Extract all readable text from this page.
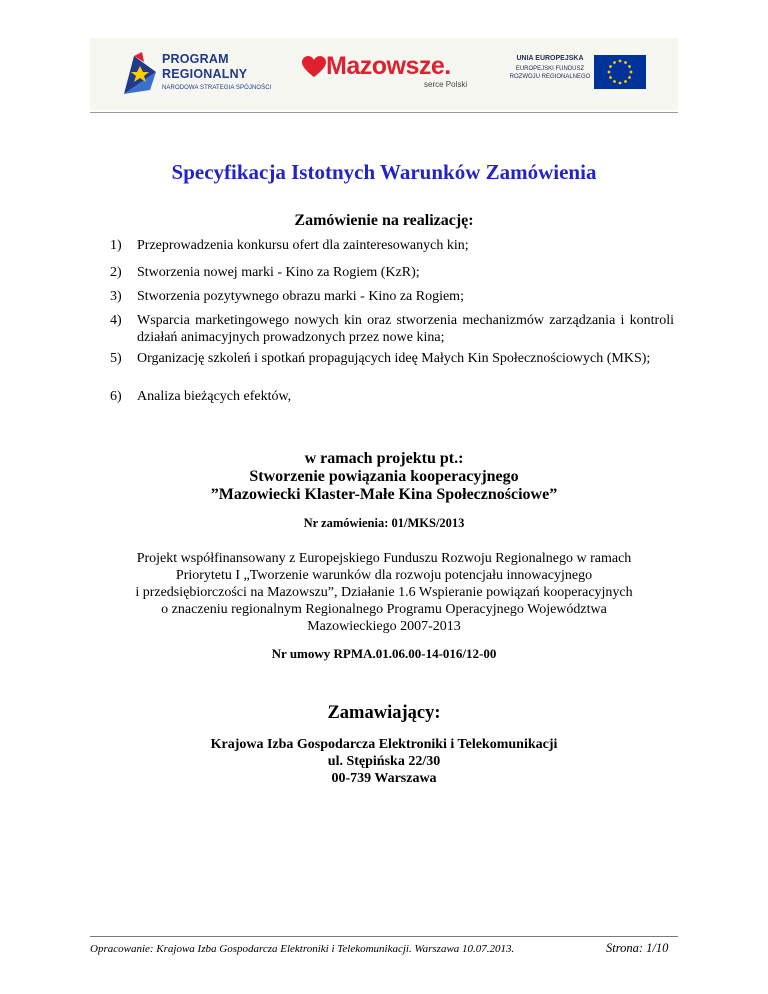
PROGRAM
REGIONALNY
NARODOWA STRATEGIA SPÓJNOŚCI
Mazowsze.
serce Polski
UNIA EUROPEJSKA
EUROPEJSKI FUNDUSZ
ROZWOJU REGIONALNEGO
Specyfikacja Istotnych Warunków Zamówienia
Zamówienie na realizację:
1) Przeprowadzenia konkursu ofert dla zainteresowanych kin;
2) Stworzenia nowej marki - Kino za Rogiem (KzR);
3) Stworzenia pozytywnego obrazu marki - Kino za Rogiem;
4) Wsparcia marketingowego nowych kin oraz stworzenia mechanizmów zarządzania i kontroli działań animacyjnych prowadzonych przez nowe kina;
5) Organizację szkoleń i spotkań propagujących ideę Małych Kin Społecznościowych (MKS);
6) Analiza bieżących efektów,
w ramach projektu pt.:
Stworzenie powiązania kooperacyjnego
”Mazowiecki Klaster-Małe Kina Społecznościowe”
Nr zamówienia: 01/MKS/2013
Projekt współfinansowany z Europejskiego Funduszu Rozwoju Regionalnego w ramach
Priorytetu I „Tworzenie warunków dla rozwoju potencjału innowacyjnego
i przedsiębiorczości na Mazowszu”, Działanie 1.6 Wspieranie powiązań kooperacyjnych
o znaczeniu regionalnym Regionalnego Programu Operacyjnego Województwa
Mazowieckiego 2007-2013
Nr umowy RPMA.01.06.00-14-016/12-00
Zamawiający:
Krajowa Izba Gospodarcza Elektroniki i Telekomunikacji
ul. Stępińska 22/30
00-739 Warszawa
Opracowanie: Krajowa Izba Gospodarcza Elektroniki i Telekomunikacji. Warszawa 10.07.2013.	Strona: 1/10
